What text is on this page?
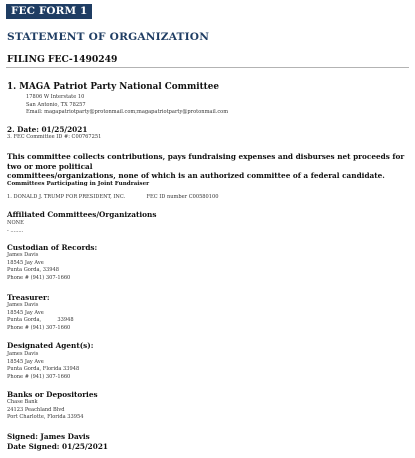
FEC FORM 1
STATEMENT OF ORGANIZATION
FILING FEC-1490249
1. MAGA Patriot Party National Committee
17806 W Interstate 10
San Antonio, TX 78257
Email: magapatriotparty@protonmail.com;magapatriotparty@protonmail.com
2. Date: 01/25/2021
3. FEC Committee ID #: C00767251
This committee collects contributions, pays fundraising expenses and disburses net proceeds for two or more political
committees/organizations, none of which is an authorized committee of a federal candidate.
Committees Participating in Joint Fundraiser
1. DONALD J. TRUMP FOR PRESIDENT, INC.	FEC ID number C00580100
Affiliated Committees/Organizations
NONE
- ........
Custodian of Records:
James Davis
18545 Jay Ave
Punta Gorda, 33948
Phone # (941) 307-1660
Treasurer:
James Davis
18545 Jay Ave
Punta Gorda,          33948
Phone # (941) 307-1660
Designated Agent(s):
James Davis
18545 Jay Ave
Punta Gorda, Florida 33948
Phone # (941) 307-1660
Banks or Depositories
Chase Bank
24123 Peachland Blvd
Port Charlotte, Florida 33954
Signed: James Davis
Date Signed: 01/25/2021
